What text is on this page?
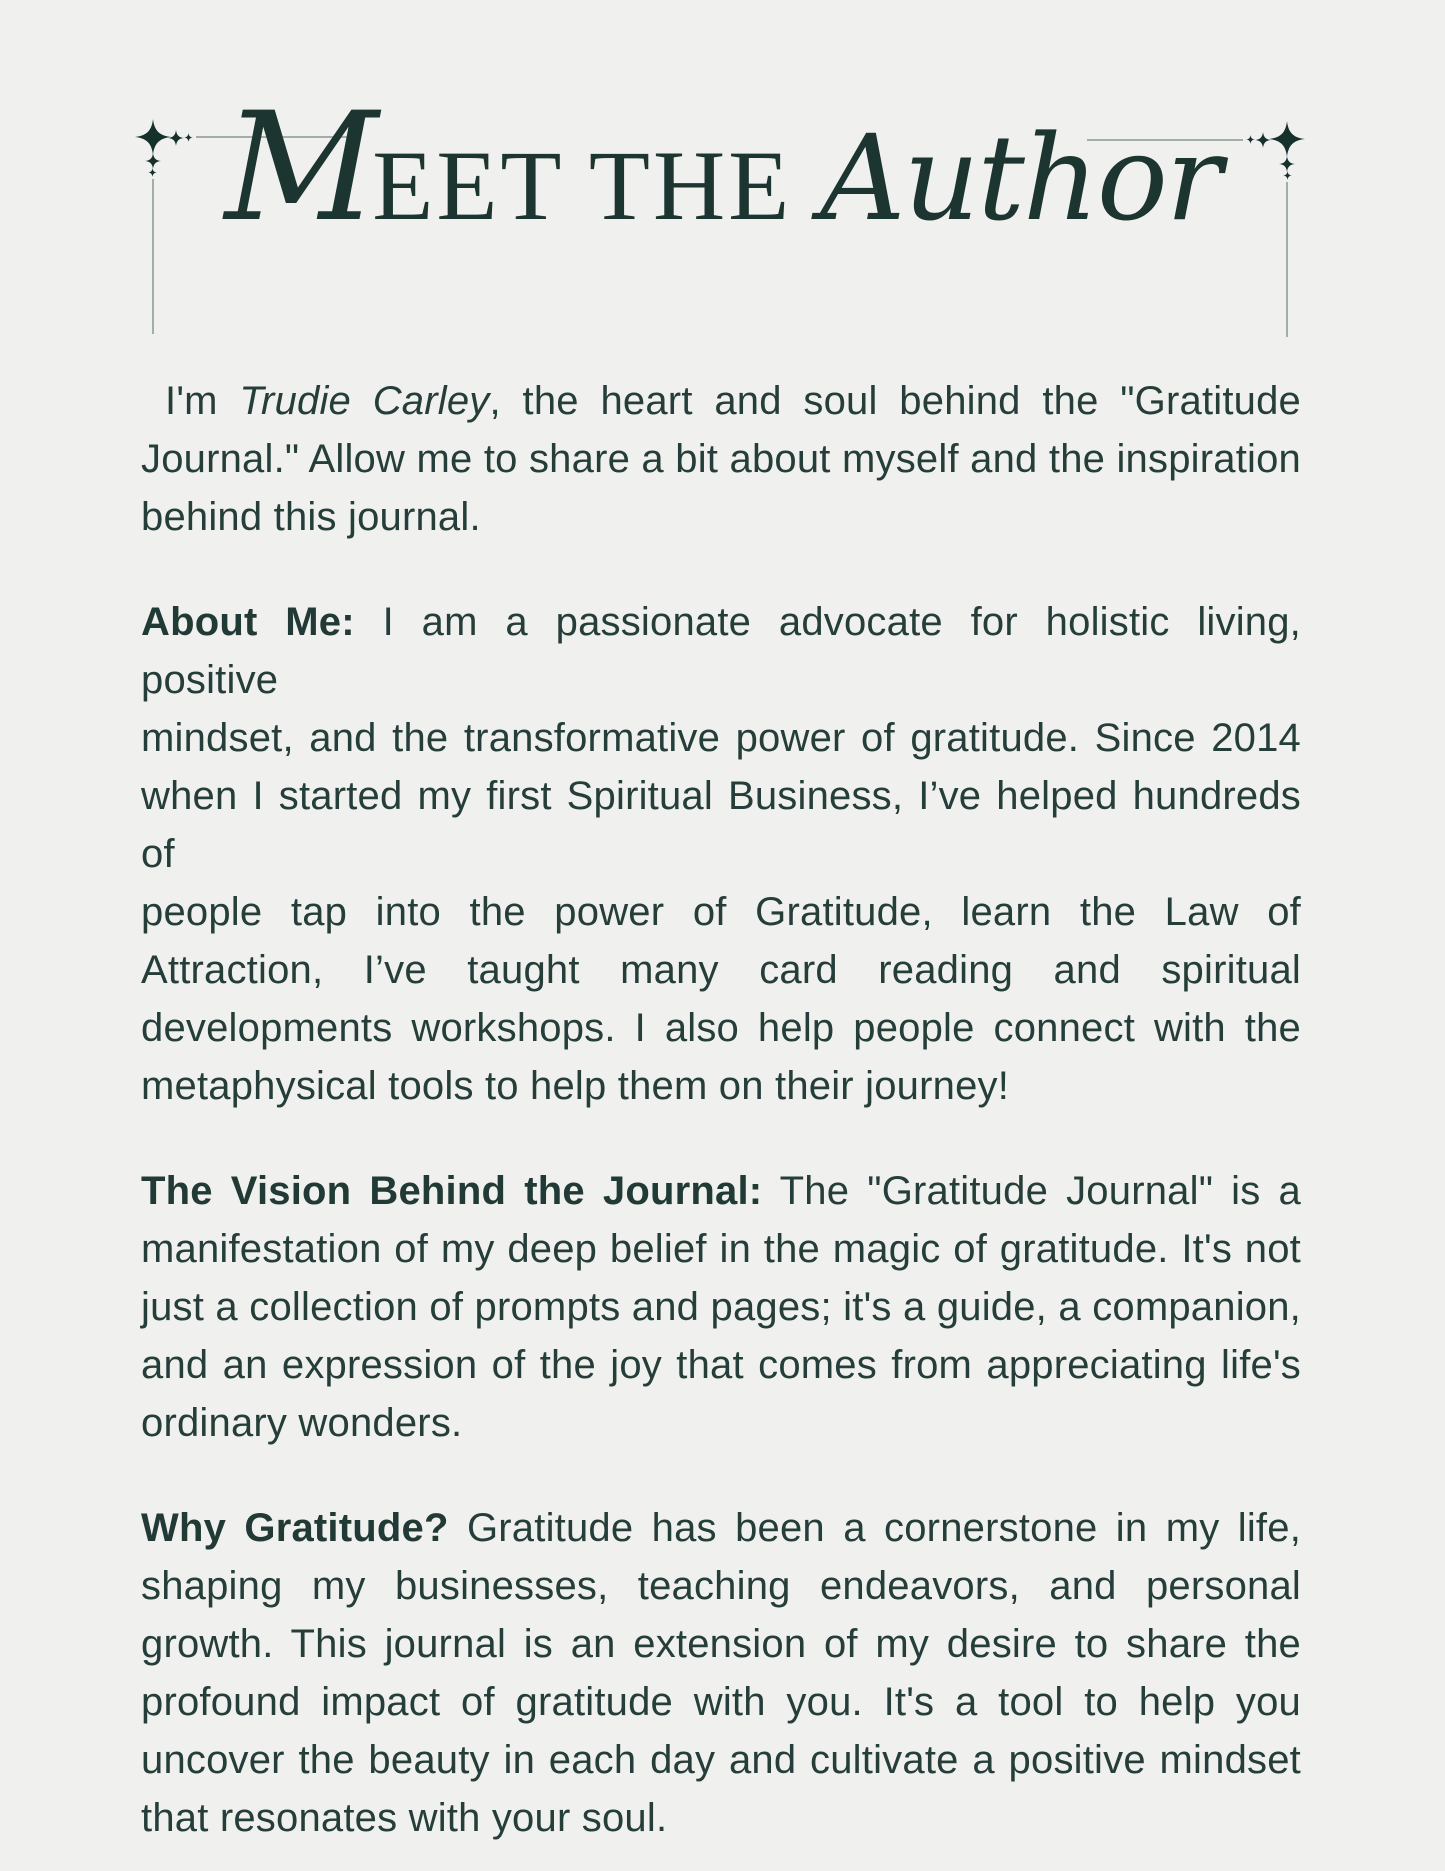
M EET THE Author
I'm Trudie Carley, the heart and soul behind the "Gratitude
Journal." Allow me to share a bit about myself and the inspiration
behind this journal.
About Me: I am a passionate advocate for holistic living, positive
mindset, and the transformative power of gratitude. Since 2014
when I started my first Spiritual Business, I’ve helped hundreds of
people tap into the power of Gratitude, learn the Law of
Attraction, I’ve taught many card reading and spiritual
developments workshops. I also help people connect with the
metaphysical tools to help them on their journey!
The Vision Behind the Journal: The "Gratitude Journal" is a
manifestation of my deep belief in the magic of gratitude. It's not
just a collection of prompts and pages; it's a guide, a companion,
and an expression of the joy that comes from appreciating life's
ordinary wonders.
Why Gratitude? Gratitude has been a cornerstone in my life,
shaping my businesses, teaching endeavors, and personal
growth. This journal is an extension of my desire to share the
profound impact of gratitude with you. It's a tool to help you
uncover the beauty in each day and cultivate a positive mindset
that resonates with your soul.
